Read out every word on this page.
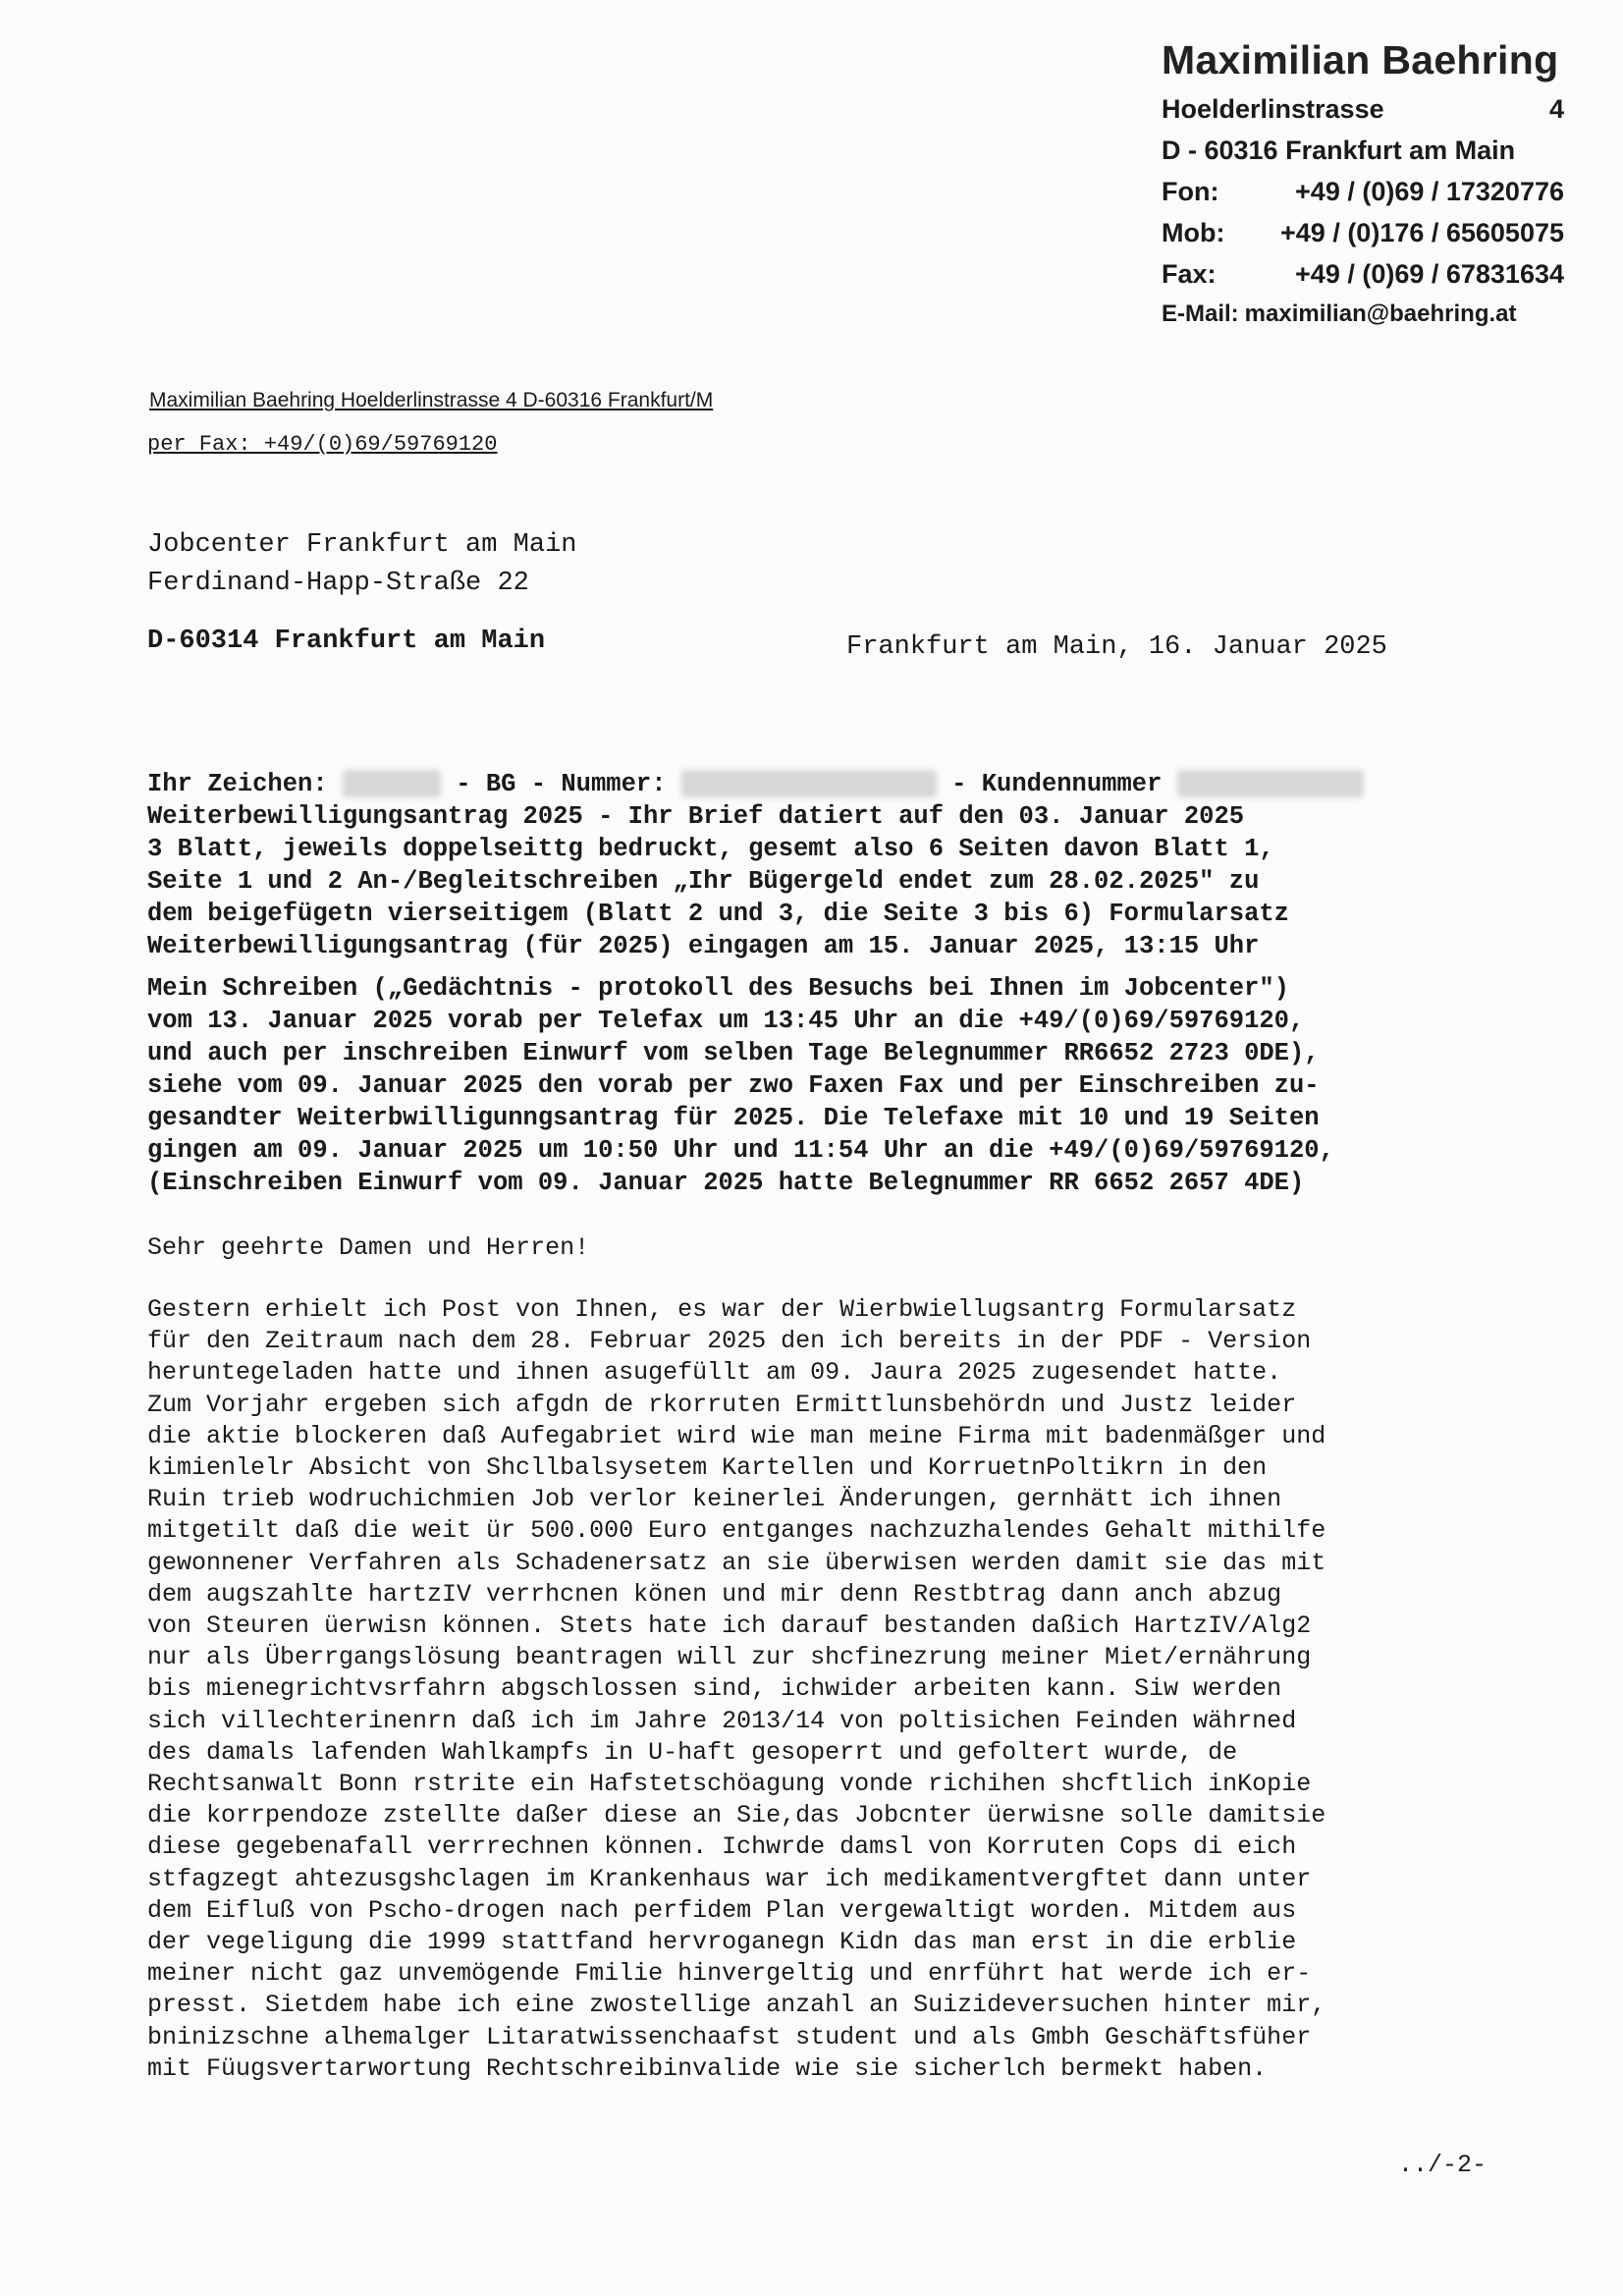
Maximilian Baehring
Hoelderlinstrasse	4
D - 60316 Frankfurt am Main
Fon:	+49 / (0)69 / 17320776
Mob:	+49 / (0)176 / 65605075
Fax:	+49 / (0)69 / 67831634
E-Mail: maximilian@baehring.at
Maximilian Baehring Hoelderlinstrasse 4 D-60316 Frankfurt/M
per Fax: +49/(0)69/59769120
Jobcenter Frankfurt am Main
Ferdinand-Happ-Straße 22
D-60314 Frankfurt am Main	Frankfurt am Main, 16. Januar 2025
Ihr Zeichen:	- BG - Nummer:	- Kundennummer
Weiterbewilligungsantrag 2025 - Ihr Brief datiert auf den 03. Januar 2025
3 Blatt, jeweils doppelseittg bedruckt, gesemt also 6 Seiten davon Blatt 1,
Seite 1 und 2 An-/Begleitschreiben „Ihr Bügergeld endet zum 28.02.2025" zu
dem beigefügetn vierseitigem (Blatt 2 und 3, die Seite 3 bis 6) Formularsatz
Weiterbewilligungsantrag (für 2025) eingagen am 15. Januar 2025, 13:15 Uhr
Mein Schreiben („Gedächtnis - protokoll des Besuchs bei Ihnen im Jobcenter")
vom 13. Januar 2025 vorab per Telefax um 13:45 Uhr an die +49/(0)69/59769120,
und auch per inschreiben Einwurf vom selben Tage Belegnummer RR6652 2723 0DE),
siehe vom 09. Januar 2025 den vorab per zwo Faxen Fax und per Einschreiben zu-
gesandter Weiterbwilligunngsantrag für 2025. Die Telefaxe mit 10 und 19 Seiten
gingen am 09. Januar 2025 um 10:50 Uhr und 11:54 Uhr an die +49/(0)69/59769120,
(Einschreiben Einwurf vom 09. Januar 2025 hatte Belegnummer RR 6652 2657 4DE)
Sehr geehrte Damen und Herren!
Gestern erhielt ich Post von Ihnen, es war der Wierbwiellugsantrg Formularsatz
für den Zeitraum nach dem 28. Februar 2025 den ich bereits in der PDF - Version
heruntegeladen hatte und ihnen asugefüllt am 09. Jaura 2025 zugesendet hatte.
Zum Vorjahr ergeben sich afgdn de rkorruten Ermittlunsbehördn und Justz leider
die aktie blockeren daß Aufegabriet wird wie man meine Firma mit badenmäßger und
kimienlelr Absicht von Shcllbalsysetem Kartellen und KorruetnPoltikrn in den
Ruin trieb wodruchichmien Job verlor keinerlei Änderungen, gernhätt ich ihnen
mitgetilt daß die weit ür 500.000 Euro entganges nachzuzhalendes Gehalt mithilfe
gewonnener Verfahren als Schadenersatz an sie überwisen werden damit sie das mit
dem augszahlte hartzIV verrhcnen könen und mir denn Restbtrag dann anch abzug
von Steuren üerwisn können. Stets hate ich darauf bestanden daßich HartzIV/Alg2
nur als Überrgangslösung beantragen will zur shcfinezrung meiner Miet/ernährung
bis mienegrichtvsrfahrn abgschlossen sind, ichwider arbeiten kann. Siw werden
sich villechterinenrn daß ich im Jahre 2013/14 von poltisichen Feinden währned
des damals lafenden Wahlkampfs in U-haft gesoperrt und gefoltert wurde, de
Rechtsanwalt Bonn rstrite ein Hafstetschöagung vonde richihen shcftlich inKopie
die korrpendoze zstellte daßer diese an Sie,das Jobcnter üerwisne solle damitsie
diese gegebenafall verrrechnen können. Ichwrde damsl von Korruten Cops di eich
stfagzegt ahtezusgshclagen im Krankenhaus war ich medikamentvergftet dann unter
dem Eifluß von Pscho-drogen nach perfidem Plan vergewaltigt worden. Mitdem aus
der vegeligung die 1999 stattfand hervroganegn Kidn das man erst in die erblie
meiner nicht gaz unvemögende Fmilie hinvergeltig und enrführt hat werde ich er-
presst. Sietdem habe ich eine zwostellige anzahl an Suizideversuchen hinter mir,
bninizschne alhemalger Litaratwissenchaafst student und als Gmbh Geschäftsfüher
mit Füugsvertarwortung Rechtschreibinvalide wie sie sicherlch bermekt haben.
../-2-
